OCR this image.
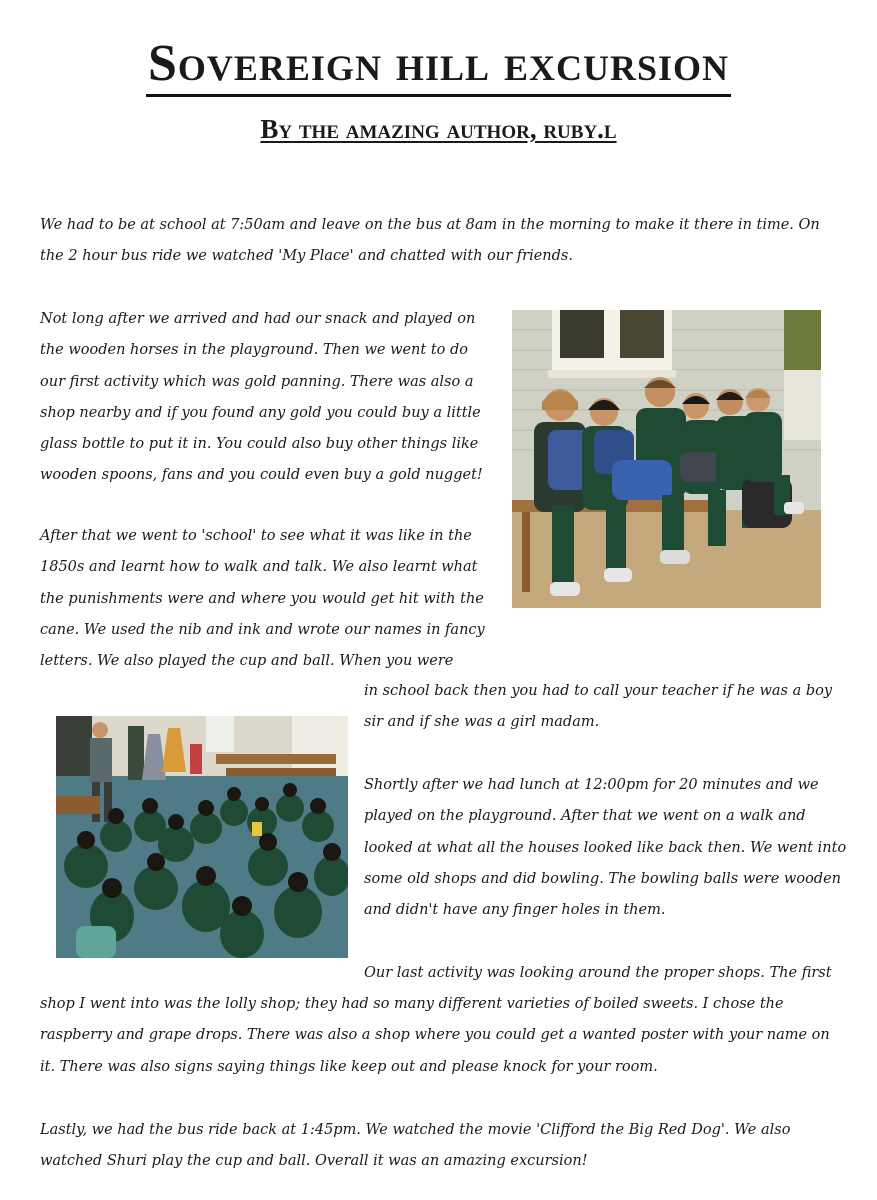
Sovereign hill excursion
By the amazing author, ruby.l

We had to be at school at 7:50am and leave on the bus at 8am in the morning to make it there in time. On the 2 hour bus ride we watched 'My Place' and chatted with our friends.

Not long after we arrived and had our snack and played on the wooden horses in the playground. Then we went to do our first activity which was gold panning. There was also a shop nearby and if you found any gold you could buy a little glass bottle to put it in. You could also buy other things like wooden spoons, fans and you could even buy a gold nugget!

After that we went to 'school' to see what it was like in the 1850s and learnt how to walk and talk. We also learnt what the punishments were and where you would get hit with the cane. We used the nib and ink and wrote our names in fancy letters. We also played the cup and ball. When you were

in school back then you had to call your teacher if he was a boy sir and if she was a girl madam.

Shortly after we had lunch at 12:00pm for 20 minutes and we played on the playground. After that we went on a walk and looked at what all the houses looked like back then. We went into some old shops and did bowling. The bowling balls were wooden and didn't have any finger holes in them.

Our last activity was looking around the proper shops. The first

shop I went into was the lolly shop; they had so many different varieties of boiled sweets. I chose the raspberry and grape drops. There was also a shop where you could get a wanted poster with your name on it. There was also signs saying things like keep out and please knock for your room.

Lastly, we had the bus ride back at 1:45pm. We watched the movie 'Clifford the Big Red Dog'. We also watched Shuri play the cup and ball. Overall it was an amazing excursion!
